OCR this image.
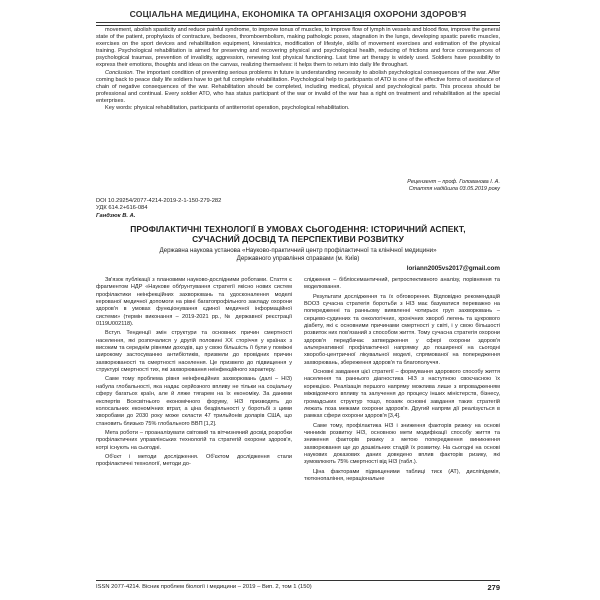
СОЦІАЛЬНА МЕДИЦИНА, ЕКОНОМІКА ТА ОРГАНІЗАЦІЯ ОХОРОНИ ЗДОРОВ'Я

movement, abolish spasticity and reduce painful syndrome, to improve tonus of muscles, to improve flow of lymph in vessels and blood flow, improve the general state of the patient, prophylaxis of contracture, bedsores, thromboembolism, making pathologic poses, stagnation in the lungs, developing spastic paretic muscles, exercises on the sport devices and rehabilitation equipment, kinesiatrics, modification of lifestyle, skills of movement exercises and estimation of the physical training. Psychological rehabilitation is aimed for preserving and recovering physical and psychological health, reducing of frictions and force consequences of psychological traumas, prevention of invalidity, aggression, renewing lost physical functioning. Last time art therapy is widely used. Soldiers have possibility to express their emotions, thoughts and ideas on the canvas, realizing themselves: it helps them to return into daily life throughart.

Conclusion. The important condition of preventing serious problems in future is understanding necessity to abolish psychological consequences of the war. After coming back to peace daily life soldiers have to get full complete rehabilitation. Psychological help to participants of ATO is one of the effective forms of avoidance of chain of negative consequences of the war. Rehabilitation should be completed, including medical, physical and psychological parts. This process should be professional and continual. Every soldier ATO, who has status participant of the war or invalid of the war has a right on treatment and rehabilitation at the special enterprises.

Key words: physical rehabilitation, participants of antiterrorist operation, psychological rehabilitation.

Рецензент – проф. Голованова І. А.
Стаття надійшла 03.05.2019 року
DOI 10.29254/2077-4214-2019-2-1-150-279-282
УДК 614.2+616-084
Гандзюк В. А.
ПРОФІЛАКТИЧНІ ТЕХНОЛОГІЇ В УМОВАХ СЬОГОДЕННЯ: ІСТОРИЧНИЙ АСПЕКТ,
СУЧАСНИЙ ДОСВІД ТА ПЕРСПЕКТИВИ РОЗВИТКУ
Державна наукова установа «Науково-практичний центр профілактичної та клінічної медицини»
Державного управління справами (м. Київ)
loriann2005vs2017@gmail.com

Зв'язок публікації з плановими науково-дослідними роботами. Стаття є фрагментом НДР «Наукове обґрунтування стратегії якісно нових систем профілактики неінфекційних захворювань та удосконалення моделі керованої медичної допомоги на рівні багатопрофільного закладу охорони здоров'я в умовах функціонування єдиної медичної інформаційної системи» (термін виконання – 2019-2021 рр., № державної реєстрації 0119U002118).

Вступ. Тенденції змін структури та основних причин смертності населення, які розпочалися у другій половині XX сторіччя у країнах з високим та середнім рівнями доходів, що у свою більшість її були у поміжні широкому застосуванню антибіотиків, призвели до провідних причин захворюваності та смертності населення. Це призвело до підвищення у структурі смертності тих, які захворювання неінфекційного характеру.

Саме тому проблема рівня неінфекційних захворювань (далі – НІЗ) набула глобальності, яка надає серйозного впливу не тільки на соціальну сферу багатьох країн, але й ляже тягарем на їх економіку. За даними експертів Всесвітнього економічного форуму, НІЗ призводять до колосальних економічних втрат, а ціна бездіяльності у боротьбі з цими хворобами до 2030 року може скласти 47 трильйонів доларів США, що становить близько 75% глобального ВВП [1,2].

Мета роботи – проаналізувати світовий та вітчизняний досвід розробки профілактичних управлінських технологій та стратегій охорони здоров'я, котрі існують на сьогодні.

Об'єкт і методи дослідження. Об'єктом дослідження стали профілактичні технології, методи до-

слідження – бібліосемантичний, ретроспективного аналізу, порівняння та моделювання.

Результати дослідження та їх обговорення. Відповідно рекомендацій ВООЗ сучасна стратегія боротьби з НІЗ має базуватися переважно на попередженні та ранньому виявленні чотирьох груп захворювань – серцево-судинних та онкологічних, хронічних хвороб легень та цукрового діабету, які є основними причинами смертності у світі, і у свою більшості розвиток них пов'язаний з способом життя. Тому сучасна стратегія охорони здоров'я передбачає затвердження у сфері охорони здоров'я альтернативної профілактичної напрямку до поширеної на сьогодні хворобо-центричної лікувальної моделі, спрямованої на попередження захворювань, збереження здоров'я та благополуччя.

Основні завдання цієї стратегії – формування здорового способу життя населення та раннього діагностика НІЗ з наступною своєчасною їх корекцією. Реалізація першого напряму можлива лише з впровадженням міжвідомчого впливу та залучення до процесу інших міністерств, бізнесу, громадських структур тощо, позаяк основні завдання таких стратегій лежать поза межами охорони здоров'я. Другий напрям дії реалізується в рамках сфери охорони здоров'я [3,4].

Саме тому, профілактика НІЗ і зниження факторів ризику на основі чинників розвитку НІЗ, основною мети модифікації способу життя та зниження факторів ризику з метою попередження виникнення захворювання ще до дошкільних стадій їх розвитку. На сьогодні на основі наукових доказових даних доведено вплив факторів ризику, які зумовлюють 75% смертності від НІЗ (табл.).

Ціна факторами підвищеними таблиці тиск (АТ), дисліпідемія, тютюнопаління, нераціональне

ISSN 2077-4214. Вісник проблем біології і медицини – 2019 – Вип. 2, том 1 (150)	279
